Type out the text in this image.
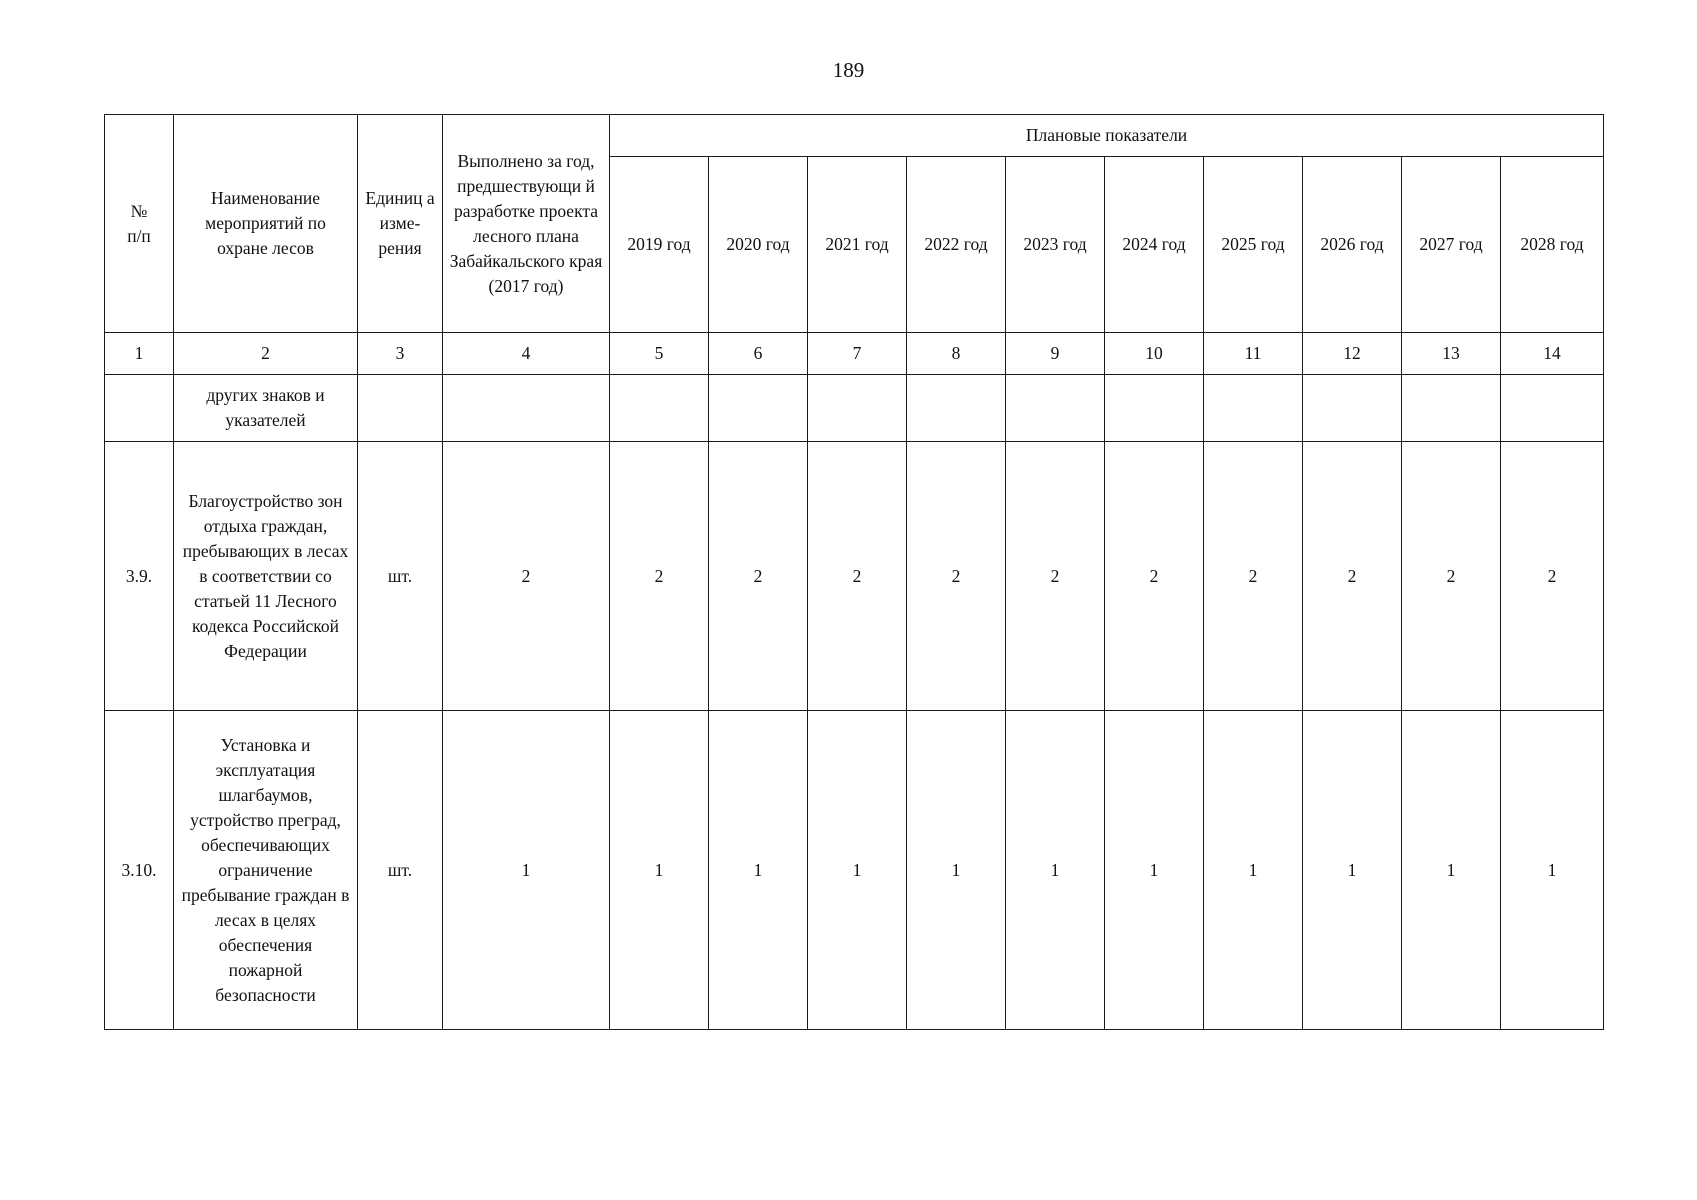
189
№
п/п	Наименование мероприятий по охране лесов	Единиц а изме-рения	Выполнено за год, предшествующи й разработке проекта лесного плана Забайкальского края (2017 год)	Плановые показатели									
				2019 год	2020 год	2021 год	2022 год	2023 год	2024 год	2025 год	2026 год	2027 год	2028 год
1	2	3	4	5	6	7	8	9	10	11	12	13	14
	других знаков и указателей												
3.9.	Благоустройство зон отдыха граждан, пребывающих в лесах в соответствии со статьей 11 Лесного кодекса Российской Федерации	шт.	2	2	2	2	2	2	2	2	2	2	2
3.10.	Установка и эксплуатация шлагбаумов, устройство преград, обеспечивающих ограничение пребывание граждан в лесах в целях обеспечения пожарной безопасности	шт.	1	1	1	1	1	1	1	1	1	1	1
